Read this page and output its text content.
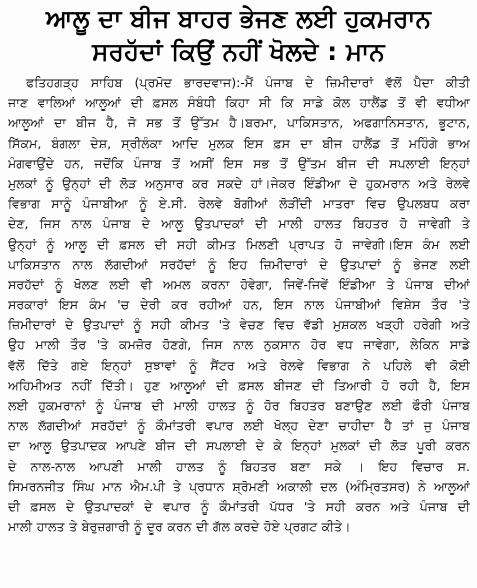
ਆਲੂ ਦਾ ਬੀਜ ਬਾਹਰ ਭੇਜਣ ਲਈ ਹੁਕਮਰਾਨ
ਸਰਹੱਦਾਂ ਕਿਉਂ ਨਹੀਂ ਖੋਲਦੇ : ਮਾਨ
ਫਤਿਹਗੜ੍ਹ ਸਾਹਿਬ (ਪ੍ਰਮੋਦ ਭਾਰਦਵਾਜ):-ਮੈਂ ਪੰਜਾਬ ਦੇ ਜ਼ਿਮੀਦਾਰਾਂ ਵੱਲੋਂ ਪੈਦਾ ਕੀਤੀ
ਜਾਣ ਵਾਲਿਆਂ ਆਲੂਆਂ ਦੀ ਫ਼ਸਲ ਸੰਬੰਧੀ ਕਿਹਾ ਸੀ ਕਿ ਸਾਡੇ ਕੋਲ ਹਾਲੈਂਡ ਤੋਂ ਵੀ ਵਧੀਆ
ਆਲੂਆਂ ਦਾ ਬੀਜ ਹੈ, ਜੋ ਸਭ ਤੋਂ ਉੱਤਮ ਹੈ।ਬਰਮਾ, ਪਾਕਿਸਤਾਨ, ਅਫਗਾਨਿਸਤਾਨ, ਭੂਟਾਨ,
ਸਿੱਕਮ, ਬੰਗਲਾ ਦੇਸ਼, ਸ੍ਰੀਲੰਕਾ ਆਦਿ ਮੁਲਕ ਇਸ ਫ਼ਸ ਦਾ ਬੀਜ ਹਾਲੈਂਡ ਤੋਂ ਮਹਿੰਗੇ ਭਾਅ
ਮੰਗਵਾਉਂਦੇ ਹਨ, ਜਦੋਂਕਿ ਪੰਜਾਬ ਤੋਂ ਅਸੀਂ ਇਸ ਸਭ ਤੋਂ ਉੱਤਮ ਬੀਜ ਦੀ ਸਪਲਾਈ ਇਨ੍ਹਾਂ
ਮੁਲਕਾਂ ਨੂੰ ਉਨ੍ਹਾਂ ਦੀ ਲੋੜ ਅਨੁਸਾਰ ਕਰ ਸਕਦੇ ਹਾਂ।ਜੇਕਰ ਇੰਡੀਆ ਦੇ ਹੁਕਮਰਾਨ ਅਤੇ ਰੇਲਵੇ
ਵਿਭਾਗ ਸਾਨੂੰ ਪੰਜਾਬੀਆ ਨੂੰ ਏ.ਸੀ. ਰੇਲਵੇ ਬੋਗੀਆਂ ਲੋੜੀਂਦੀ ਮਾਤਰਾ ਵਿਚ ਉਪਲਬਧ ਕਰਾ
ਦੇਣ, ਜਿਸ ਨਾਲ ਪੰਜਾਬ ਦੇ ਆਲੂ ਉਤਪਾਦਕਾਂ ਦੀ ਮਾਲੀ ਹਾਲਤ ਬਿਹਤਰ ਹੋ ਜਾਵੇਗੀ ਤੇ
ਉਨ੍ਹਾਂ ਨੂੰ ਆਲੂ ਦੀ ਫ਼ਸਲ ਦੀ ਸਹੀ ਕੀਮਤ ਮਿਲਣੀ ਪ੍ਰਾਪਤ ਹੋ ਜਾਵੇਗੀ।ਇਸ ਕੰਮ ਲਈ
ਪਾਕਿਸਤਾਨ ਨਾਲ ਲੱਗਦੀਆਂ ਸਰਹੱਦਾਂ ਨੂੰ ਇਹ ਜ਼ਿਮੀਦਾਰਾਂ ਦੇ ਉਤਪਾਦਾਂ ਨੂੰ ਭੇਜਣ ਲਈ
ਸਰਹੱਦਾਂ ਨੂੰ ਖੋਲਣ ਲਈ ਵੀ ਅਮਲ ਕਰਨਾ ਹੋਵੇਗਾ, ਜਿਵੇਂ-ਜਿਵੇਂ ਇੰਡੀਆ ਤੇ ਪੰਜਾਬ ਦੀਆਂ
ਸਰਕਾਰਾਂ ਇਸ ਕੰਮ 'ਚ ਦੇਰੀ ਕਰ ਰਹੀਆਂ ਹਨ, ਇਸ ਨਾਲ ਪੰਜਾਬੀਆਂ ਵਿਸ਼ੇਸ ਤੌਰ 'ਤੇ
ਜ਼ਿਮੀਦਾਰਾਂ ਦੇ ਉਤਪਾਦਾਂ ਨੂੰ ਸਹੀ ਕੀਮਤ 'ਤੇ ਵੇਚਣ ਵਿਚ ਵੱਡੀ ਮੁਸ਼ਕਲ ਖੜ੍ਹੀ ਹਰੇਗੀ ਅਤੇ
ਉਹ ਮਾਲੀ ਤੌਰ 'ਤੇ ਕਮਜ਼ੋਰ ਹੋਣਗੇ, ਜਿਸ ਨਾਲ ਨੁਕਸਾਨ ਹੋਰ ਵਧ ਜਾਵੇਗਾ, ਲੇਕਿਨ ਸਾਡੇ
ਵੱਲੋਂ ਦਿੱਤੇ ਗਏ ਇਨ੍ਹਾਂ ਸੁਝਾਵਾਂ ਨੂੰ ਸੈਂਟਰ ਅਤੇ ਰੇਲਵੇ ਵਿਭਾਗ ਨੇ ਪਹਿਲੇ ਵੀ ਕੋਈ
ਅਹਿਮੀਅਤ ਨਹੀਂ ਦਿੱਤੀ। ਹੁਣ ਆਲੂਆਂ ਦੀ ਫ਼ਸਲ ਬੀਜਣ ਦੀ ਤਿਆਰੀ ਹੋ ਰਹੀ ਹੈ, ਇਸ
ਲਈ ਹੁਕਮਰਾਨਾਂ ਨੂੰ ਪੰਜਾਬ ਦੀ ਮਾਲੀ ਹਾਲਤ ਨੂੰ ਹੋਰ ਬਿਹਤਰ ਬਣਾਉਣ ਲਈ ਫੌਰੀ ਪੰਜਾਬ
ਨਾਲ ਲੱਗਦੀਆਂ ਸਰਹੱਦਾਂ ਨੂੰ ਕੌਮਾਂਤਰੀ ਵਪਾਰ ਲਈ ਖੋਲ੍ਹ ਦੇਣਾ ਚਾਹੀਦਾ ਹੈ ਤਾਂ ਜੁ ਪੰਜਾਬ
ਦਾ ਆਲੂ ਉਤਪਾਦਕ ਆਪਣੇ ਬੀਜ ਦੀ ਸਪਲਾਈ ਦੇ ਕੇ ਇਨ੍ਹਾਂ ਮੁਲਕਾਂ ਦੀ ਲੋੜ ਪੂਰੀ ਕਰਨ
ਦੇ ਨਾਲ-ਨਾਲ ਆਪਣੀ ਮਾਲੀ ਹਾਲਤ ਨੂੰ ਬਿਹਤਰ ਬਣਾ ਸਕੇ । ਇਹ ਵਿਚਾਰ ਸ.
ਸਿਮਰਨਜੀਤ ਸਿੰਘ ਮਾਨ ਐਮ.ਪੀ ਤੇ ਪ੍ਰਧਾਨ ਸ਼੍ਰੋਮਣੀ ਅਕਾਲੀ ਦਲ (ਅੰਮ੍ਰਿਤਸਰ) ਨੇ ਆਲੂਆਂ
ਦੀ ਫ਼ਸਲ ਦੇ ਉਤਪਾਦਕਾਂ ਦੇ ਵਪਾਰ ਨੂੰ ਕੌਮਾਂਤਰੀ ਪੱਧਰ 'ਤੇ ਸਹੀ ਕਰਨ ਅਤੇ ਪੰਜਾਬ ਦੀ
ਮਾਲੀ ਹਾਲਤ ਤੇ ਬੇਰੁਜ਼ਗਾਰੀ ਨੂੰ ਦੂਰ ਕਰਨ ਦੀ ਗੱਲ ਕਰਦੇ ਹੋਏ ਪ੍ਰਗਟ ਕੀਤੇ।
